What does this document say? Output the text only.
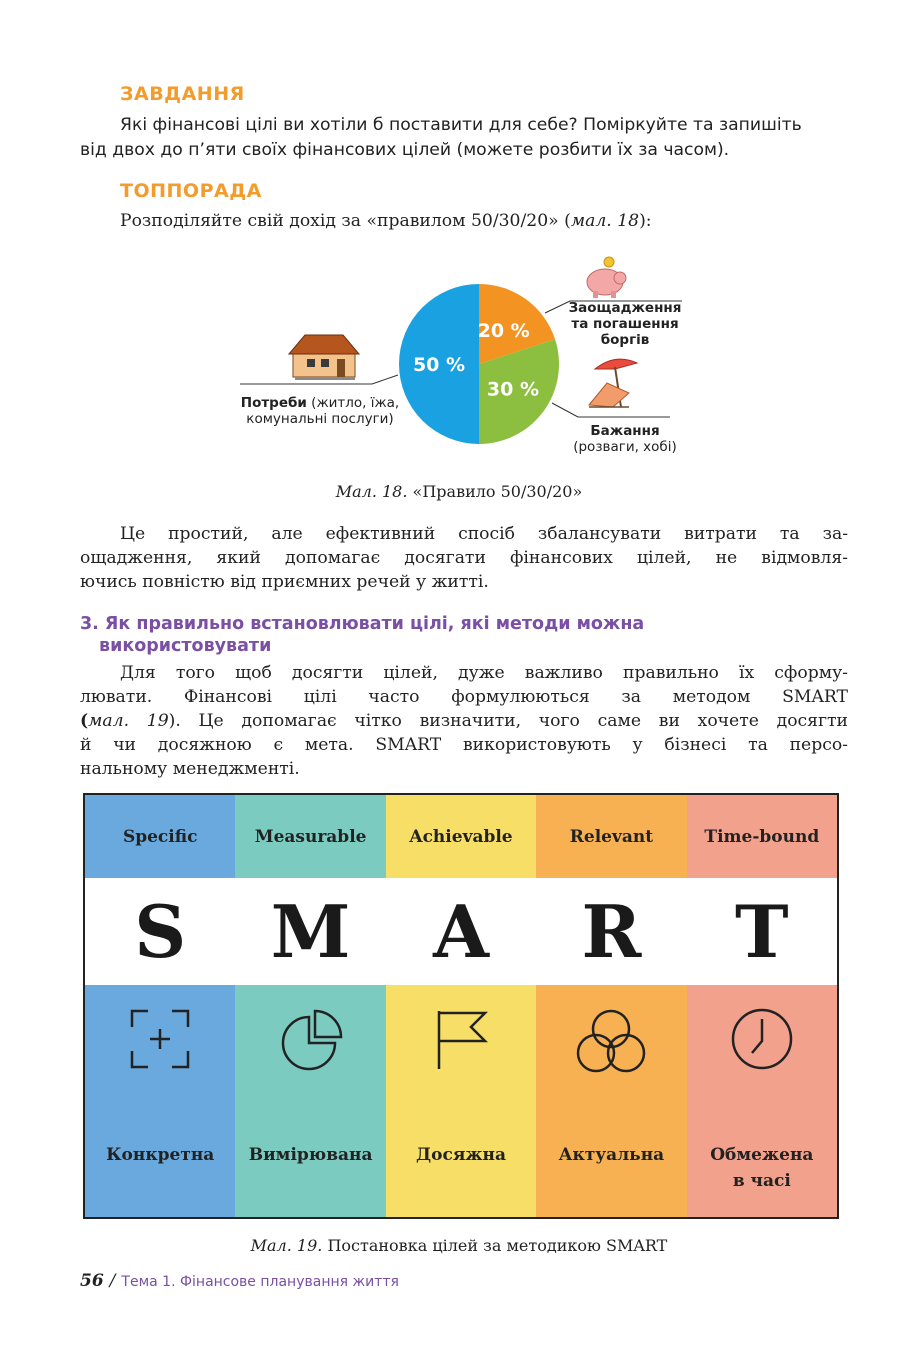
ЗАВДАННЯ
Які фінансові цілі ви хотіли б поставити для себе? Поміркуйте та запишіть
від двох до п’яти своїх фінансових цілей (можете розбити їх за часом).
ТОППОРАДА
Розподіляйте свій дохід за «правилом 50/30/20» (мал. 18):
50 %
20 %
30 %
Потреби (житло, їжа,
комунальні послуги)
Заощадження
та погашення
боргів
Бажання
(розваги, хобі)
Мал. 18. «Правило 50/30/20»
Це простий, але ефективний спосіб збалансувати витрати та за-
ощадження, який допомагає досягати фінансових цілей, не відмовля-
ючись повністю від приємних речей у житті.
3. Як правильно встановлювати цілі, які методи можна
використовувати
Для того щоб досягти цілей, дуже важливо правильно їх сформу-
лювати. Фінансові цілі часто формулюються за методом SMART
(мал. 19). Це допомагає чітко визначити, чого саме ви хочете досягти
й чи досяжною є мета. SMART використовують у бізнесі та персо-
нальному менеджменті.
Specific
S
Конкретна
Measurable
M
Вимірювана
Achievable
A
Досяжна
Relevant
R
Актуальна
Time-bound
T
Обмежена
в часі
Мал. 19. Постановка цілей за методикою SMART
56 / Тема 1. Фінансове планування життя
